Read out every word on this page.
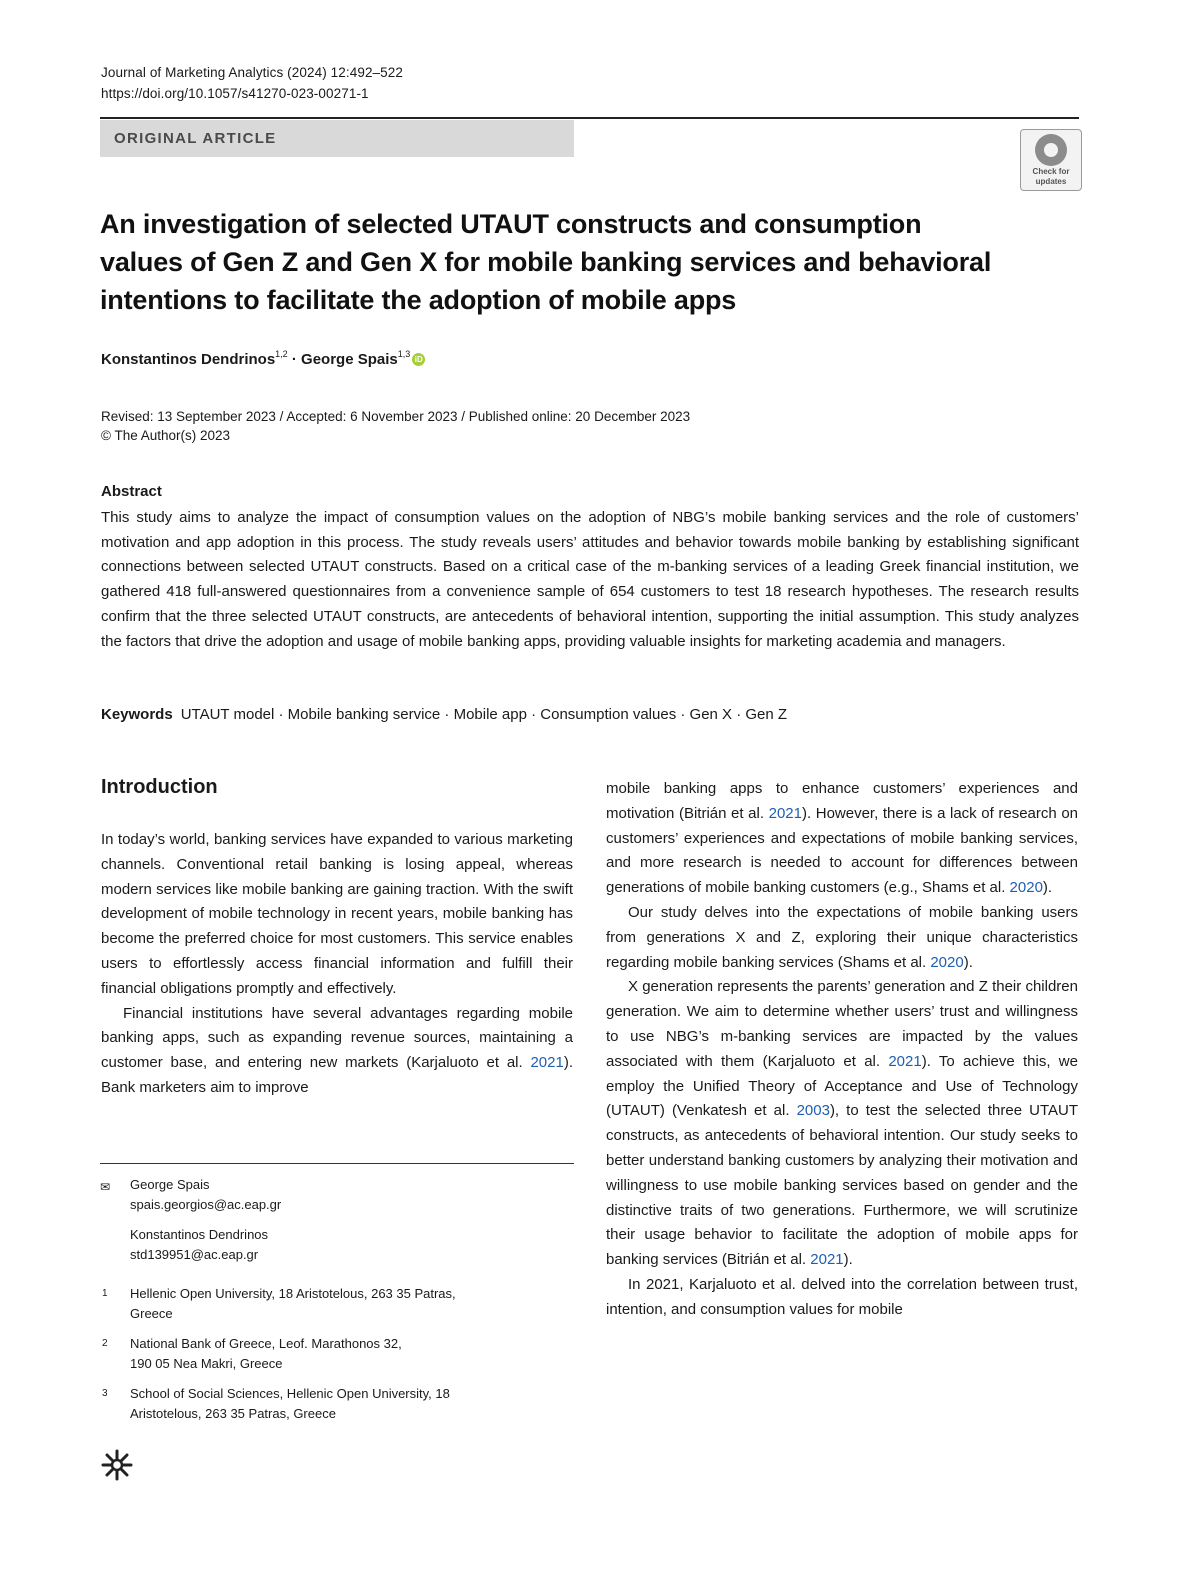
Journal of Marketing Analytics (2024) 12:492–522
https://doi.org/10.1057/s41270-023-00271-1
ORIGINAL ARTICLE
Check for
updates
An investigation of selected UTAUT constructs and consumption
values of Gen Z and Gen X for mobile banking services and behavioral
intentions to facilitate the adoption of mobile apps
Konstantinos Dendrinos$^{1,2}$ · George Spais$^{1,3}$iD
Revised: 13 September 2023 / Accepted: 6 November 2023 / Published online: 20 December 2023
© The Author(s) 2023
Abstract
This study aims to analyze the impact of consumption values on the adoption of NBG’s mobile banking services and the role of customers’ motivation and app adoption in this process. The study reveals users’ attitudes and behavior towards mobile banking by establishing significant connections between selected UTAUT constructs. Based on a critical case of the m-banking services of a leading Greek financial institution, we gathered 418 full-answered questionnaires from a convenience sample of 654 customers to test 18 research hypotheses. The research results confirm that the three selected UTAUT constructs, are antecedents of behavioral intention, supporting the initial assumption. This study analyzes the factors that drive the adoption and usage of mobile banking apps, providing valuable insights for marketing academia and managers.
Keywords UTAUT model · Mobile banking service · Mobile app · Consumption values · Gen X · Gen Z
Introduction

In today’s world, banking services have expanded to various marketing channels. Conventional retail banking is losing appeal, whereas modern services like mobile banking are gaining traction. With the swift development of mobile technology in recent years, mobile banking has become the preferred choice for most customers. This service enables users to effortlessly access financial information and fulfill their financial obligations promptly and effectively.

Financial institutions have several advantages regarding mobile banking apps, such as expanding revenue sources, maintaining a customer base, and entering new markets (Karjaluoto et al. 2021). Bank marketers aim to improve

mobile banking apps to enhance customers’ experiences and motivation (Bitrián et al. 2021). However, there is a lack of research on customers’ experiences and expectations of mobile banking services, and more research is needed to account for differences between generations of mobile banking customers (e.g., Shams et al. 2020).

Our study delves into the expectations of mobile banking users from generations X and Z, exploring their unique characteristics regarding mobile banking services (Shams et al. 2020).

X generation represents the parents’ generation and Z their children generation. We aim to determine whether users’ trust and willingness to use NBG’s m-banking services are impacted by the values associated with them (Karjaluoto et al. 2021). To achieve this, we employ the Unified Theory of Acceptance and Use of Technology (UTAUT) (Venkatesh et al. 2003), to test the selected three UTAUT constructs, as antecedents of behavioral intention. Our study seeks to better understand banking customers by analyzing their motivation and willingness to use mobile banking services based on gender and the distinctive traits of two generations. Furthermore, we will scrutinize their usage behavior to facilitate the adoption of mobile apps for banking services (Bitrián et al. 2021).

In 2021, Karjaluoto et al. delved into the correlation between trust, intention, and consumption values for mobile

✉ George Spais
spais.georgios@ac.eap.gr
Konstantinos Dendrinos
std139951@ac.eap.gr
1 Hellenic Open University, 18 Aristotelous, 263 35 Patras,
Greece
2 National Bank of Greece, Leof. Marathonos 32,
190 05 Nea Makri, Greece
3 School of Social Sciences, Hellenic Open University, 18
Aristotelous, 263 35 Patras, Greece
